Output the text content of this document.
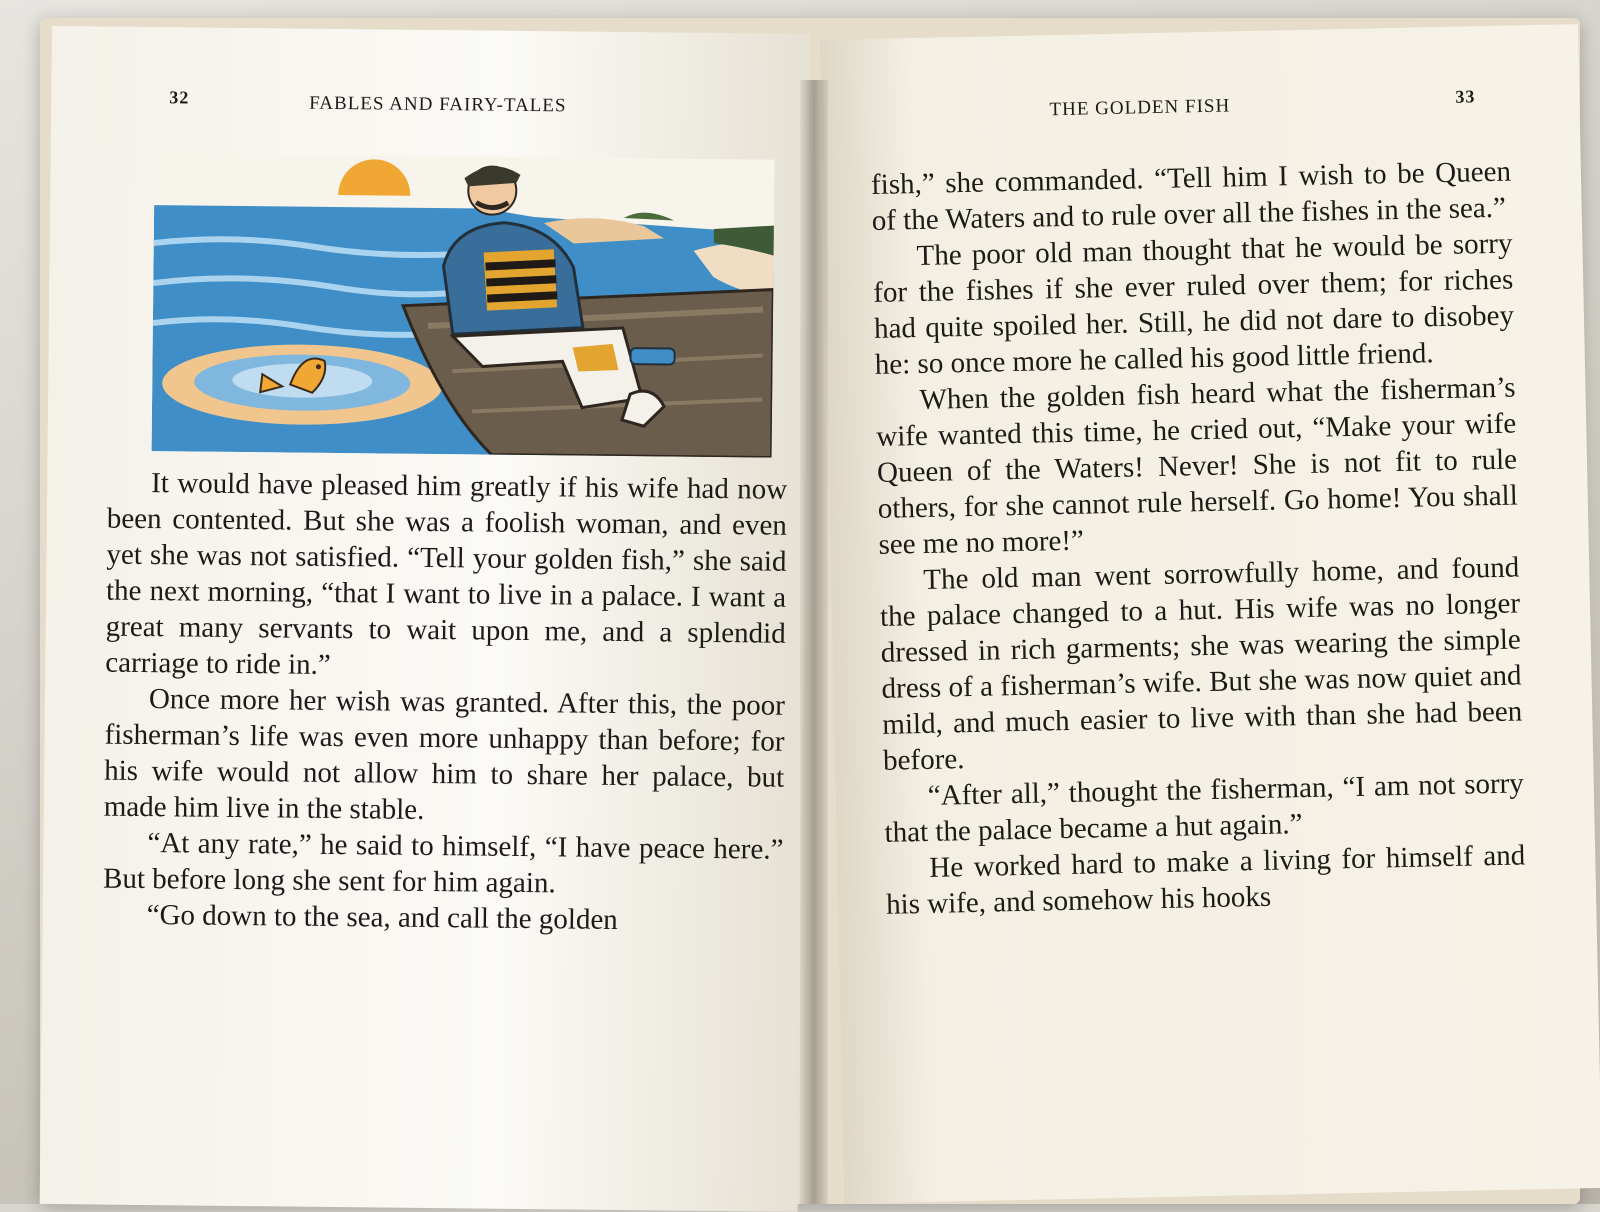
32	FABLES AND FAIRY-TALES

It would have pleased him greatly if his wife had now been contented. But she was a foolish woman, and even yet she was not satisfied. “Tell your golden fish,” she said the next morning, “that I want to live in a palace. I want a great many servants to wait upon me, and a splendid carriage to ride in.”

Once more her wish was granted. After this, the poor fisherman’s life was even more unhappy than before; for his wife would not allow him to share her palace, but made him live in the stable.

“At any rate,” he said to himself, “I have peace here.” But before long she sent for him again.

“Go down to the sea, and call the golden

THE GOLDEN FISH	33

fish,” she commanded. “Tell him I wish to be Queen of the Waters and to rule over all the fishes in the sea.”

The poor old man thought that he would be sorry for the fishes if she ever ruled over them; for riches had quite spoiled her. Still, he did not dare to disobey he: so once more he called his good little friend.

When the golden fish heard what the fisherman’s wife wanted this time, he cried out, “Make your wife Queen of the Waters! Never! She is not fit to rule others, for she cannot rule herself. Go home! You shall see me no more!”

The old man went sorrowfully home, and found the palace changed to a hut. His wife was no longer dressed in rich garments; she was wearing the simple dress of a fisherman’s wife. But she was now quiet and mild, and much easier to live with than she had been before.

“After all,” thought the fisherman, “I am not sorry that the palace became a hut again.”

He worked hard to make a living for himself and his wife, and somehow his hooks
